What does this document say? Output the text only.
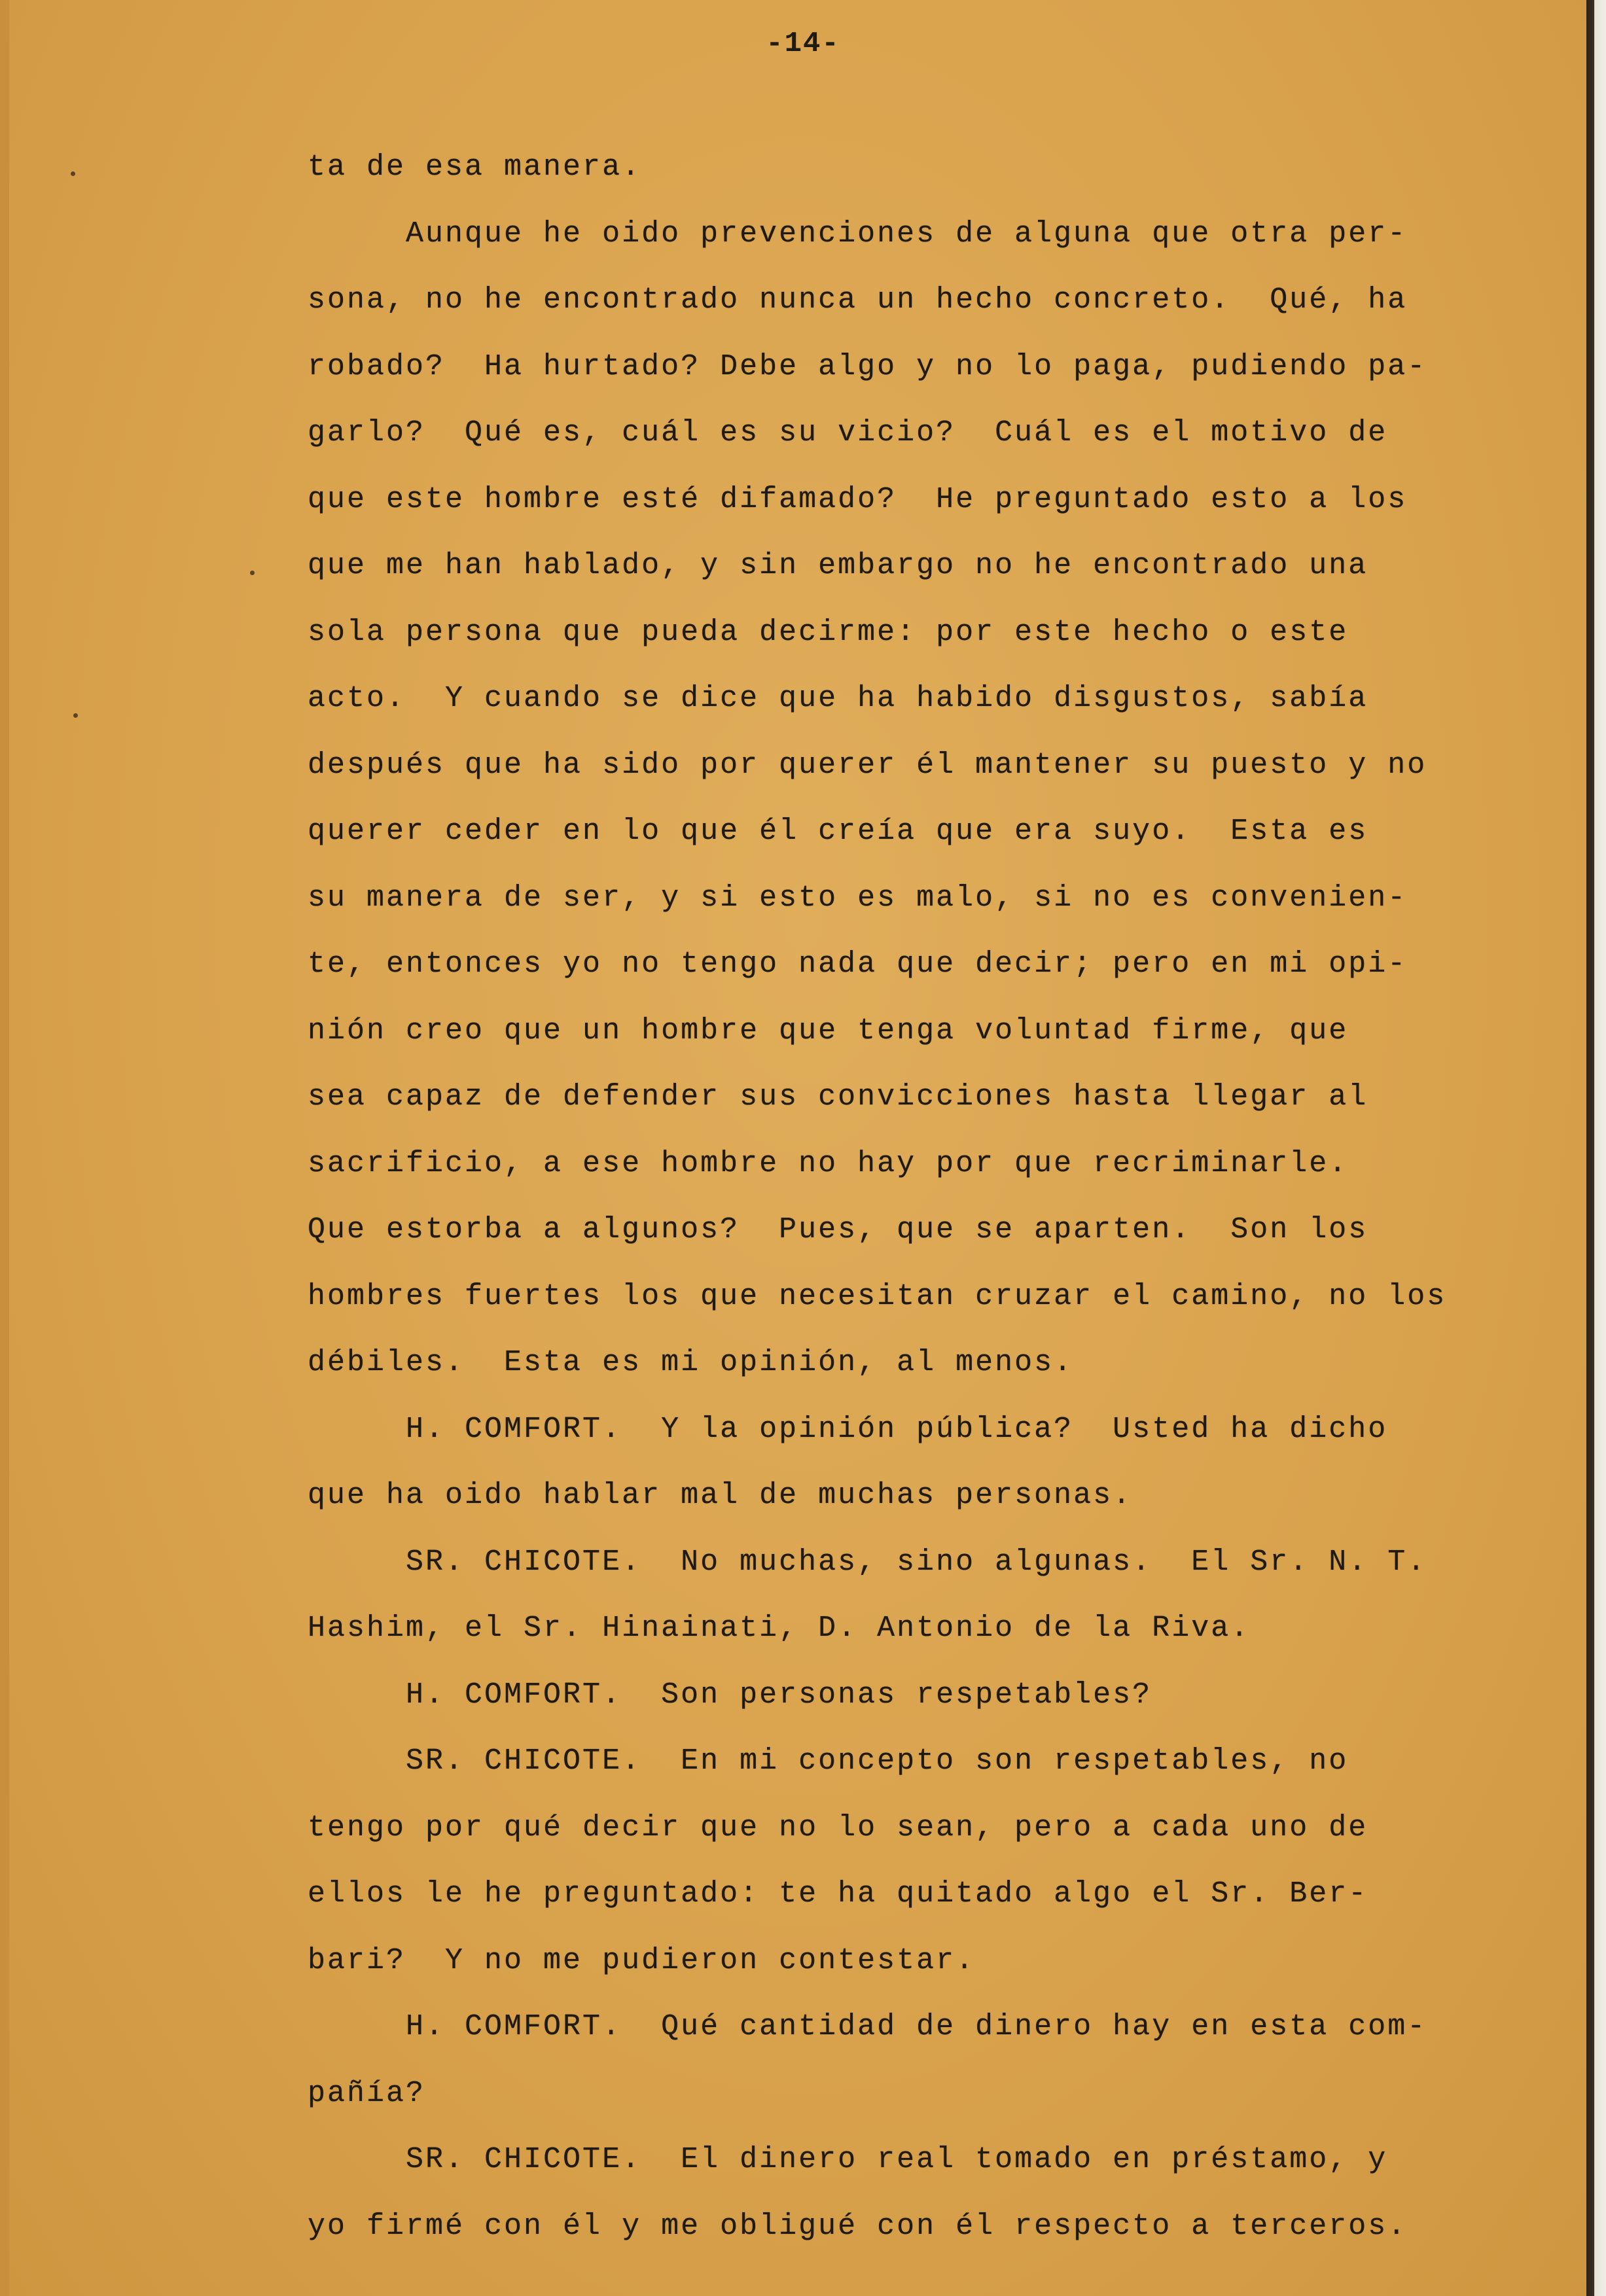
-14-
ta de esa manera.
Aunque he oido prevenciones de alguna que otra per-
sona, no he encontrado nunca un hecho concreto.  Qué, ha
robado?  Ha hurtado? Debe algo y no lo paga, pudiendo pa-
garlo?  Qué es, cuál es su vicio?  Cuál es el motivo de
que este hombre esté difamado?  He preguntado esto a los
que me han hablado, y sin embargo no he encontrado una
sola persona que pueda decirme: por este hecho o este
acto.  Y cuando se dice que ha habido disgustos, sabía
después que ha sido por querer él mantener su puesto y no
querer ceder en lo que él creía que era suyo.  Esta es
su manera de ser, y si esto es malo, si no es convenien-
te, entonces yo no tengo nada que decir; pero en mi opi-
nión creo que un hombre que tenga voluntad firme, que
sea capaz de defender sus convicciones hasta llegar al
sacrificio, a ese hombre no hay por que recriminarle.
Que estorba a algunos?  Pues, que se aparten.  Son los
hombres fuertes los que necesitan cruzar el camino, no los
débiles.  Esta es mi opinión, al menos.
H. COMFORT.  Y la opinión pública?  Usted ha dicho
que ha oido hablar mal de muchas personas.
SR. CHICOTE.  No muchas, sino algunas.  El Sr. N. T.
Hashim, el Sr. Hinainati, D. Antonio de la Riva.
H. COMFORT.  Son personas respetables?
SR. CHICOTE.  En mi concepto son respetables, no
tengo por qué decir que no lo sean, pero a cada uno de
ellos le he preguntado: te ha quitado algo el Sr. Ber-
bari?  Y no me pudieron contestar.
H. COMFORT.  Qué cantidad de dinero hay en esta com-
pañía?
SR. CHICOTE.  El dinero real tomado en préstamo, y
yo firmé con él y me obligué con él respecto a terceros.
